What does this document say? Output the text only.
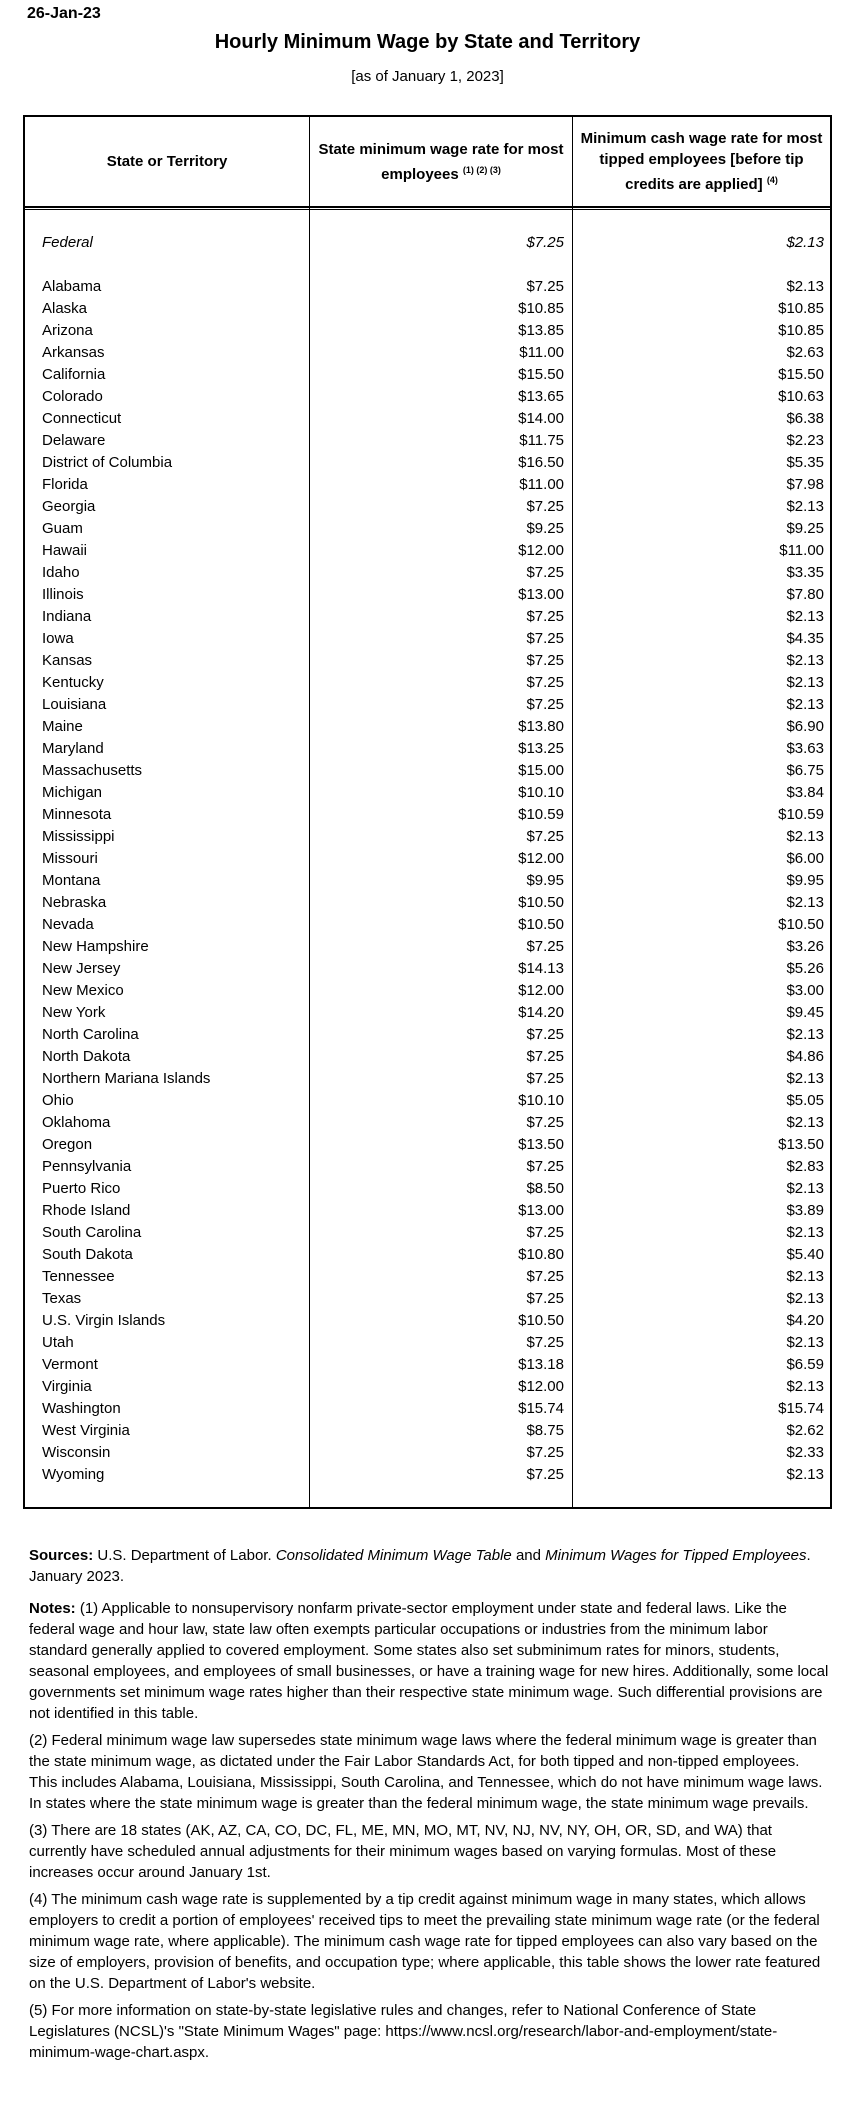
26-Jan-23
Hourly Minimum Wage by State and Territory
[as of January 1, 2023]
State or Territory
State minimum wage rate for most employees $^{(1) (2) (3)}$
Minimum cash wage rate for most tipped employees [before tip credits are applied] $^{(4)}$
Federal	$7.25	$2.13
Alabama	$7.25	$2.13
Alaska	$10.85	$10.85
Arizona	$13.85	$10.85
Arkansas	$11.00	$2.63
California	$15.50	$15.50
Colorado	$13.65	$10.63
Connecticut	$14.00	$6.38
Delaware	$11.75	$2.23
District of Columbia	$16.50	$5.35
Florida	$11.00	$7.98
Georgia	$7.25	$2.13
Guam	$9.25	$9.25
Hawaii	$12.00	$11.00
Idaho	$7.25	$3.35
Illinois	$13.00	$7.80
Indiana	$7.25	$2.13
Iowa	$7.25	$4.35
Kansas	$7.25	$2.13
Kentucky	$7.25	$2.13
Louisiana	$7.25	$2.13
Maine	$13.80	$6.90
Maryland	$13.25	$3.63
Massachusetts	$15.00	$6.75
Michigan	$10.10	$3.84
Minnesota	$10.59	$10.59
Mississippi	$7.25	$2.13
Missouri	$12.00	$6.00
Montana	$9.95	$9.95
Nebraska	$10.50	$2.13
Nevada	$10.50	$10.50
New Hampshire	$7.25	$3.26
New Jersey	$14.13	$5.26
New Mexico	$12.00	$3.00
New York	$14.20	$9.45
North Carolina	$7.25	$2.13
North Dakota	$7.25	$4.86
Northern Mariana Islands	$7.25	$2.13
Ohio	$10.10	$5.05
Oklahoma	$7.25	$2.13
Oregon	$13.50	$13.50
Pennsylvania	$7.25	$2.83
Puerto Rico	$8.50	$2.13
Rhode Island	$13.00	$3.89
South Carolina	$7.25	$2.13
South Dakota	$10.80	$5.40
Tennessee	$7.25	$2.13
Texas	$7.25	$2.13
U.S. Virgin Islands	$10.50	$4.20
Utah	$7.25	$2.13
Vermont	$13.18	$6.59
Virginia	$12.00	$2.13
Washington	$15.74	$15.74
West Virginia	$8.75	$2.62
Wisconsin	$7.25	$2.33
Wyoming	$7.25	$2.13
Sources: U.S. Department of Labor. Consolidated Minimum Wage Table and Minimum Wages for Tipped Employees. January 2023.

Notes: (1) Applicable to nonsupervisory nonfarm private-sector employment under state and federal laws. Like the federal wage and hour law, state law often exempts particular occupations or industries from the minimum labor standard generally applied to covered employment. Some states also set subminimum rates for minors, students, seasonal employees, and employees of small businesses, or have a training wage for new hires. Additionally, some local governments set minimum wage rates higher than their respective state minimum wage. Such differential provisions are not identified in this table.

(2) Federal minimum wage law supersedes state minimum wage laws where the federal minimum wage is greater than the state minimum wage, as dictated under the Fair Labor Standards Act, for both tipped and non-tipped employees. This includes Alabama, Louisiana, Mississippi, South Carolina, and Tennessee, which do not have minimum wage laws. In states where the state minimum wage is greater than the federal minimum wage, the state minimum wage prevails.

(3) There are 18 states (AK, AZ, CA, CO, DC, FL, ME, MN, MO, MT, NV, NJ, NV, NY, OH, OR, SD, and WA) that currently have scheduled annual adjustments for their minimum wages based on varying formulas. Most of these increases occur around January 1st.

(4) The minimum cash wage rate is supplemented by a tip credit against minimum wage in many states, which allows employers to credit a portion of employees' received tips to meet the prevailing state minimum wage rate (or the federal minimum wage rate, where applicable). The minimum cash wage rate for tipped employees can also vary based on the size of employers, provision of benefits, and occupation type; where applicable, this table shows the lower rate featured on the U.S. Department of Labor's website.

(5) For more information on state-by-state legislative rules and changes, refer to National Conference of State Legislatures (NCSL)'s "State Minimum Wages" page: https://www.ncsl.org/research/labor-and-employment/state-minimum-wage-chart.aspx.
